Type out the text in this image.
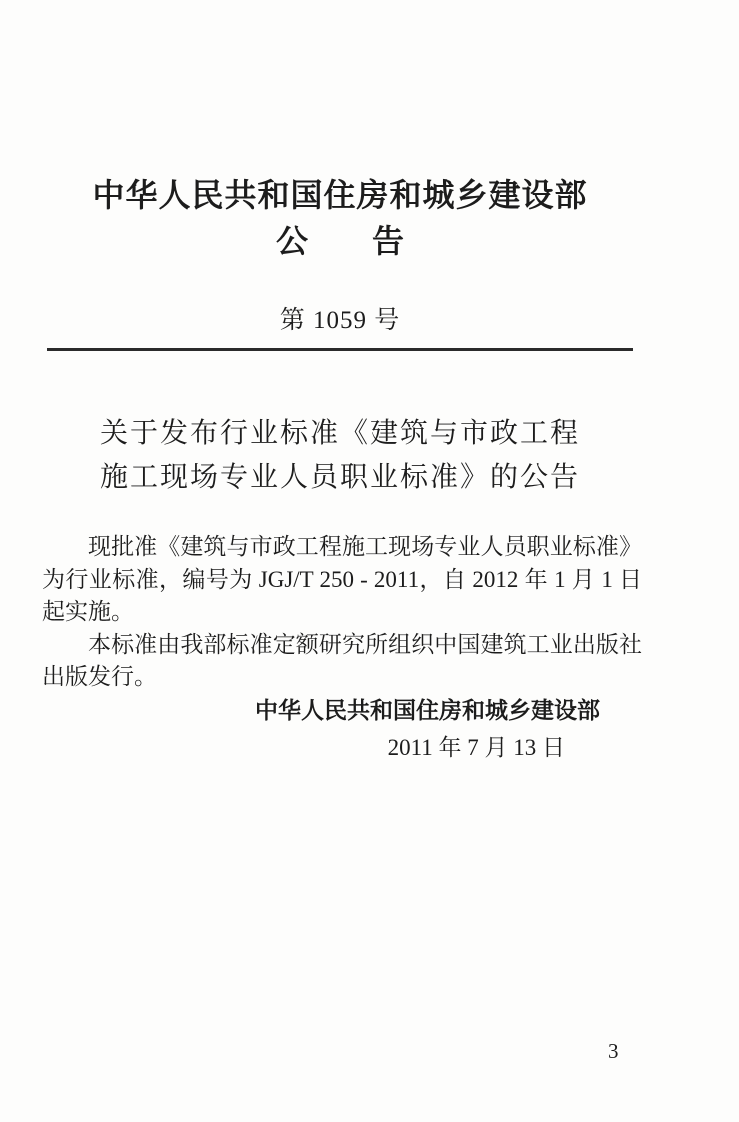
中华人民共和国住房和城乡建设部
公　　告
第 1059 号
关于发布行业标准《建筑与市政工程
施工现场专业人员职业标准》的公告

现批准《建筑与市政工程施工现场专业人员职业标准》为行业标准，编号为 JGJ/T 250 - 2011，自 2012 年 1 月 1 日起实施。

本标准由我部标准定额研究所组织中国建筑工业出版社出版发行。

中华人民共和国住房和城乡建设部
2011 年 7 月 13 日
3
